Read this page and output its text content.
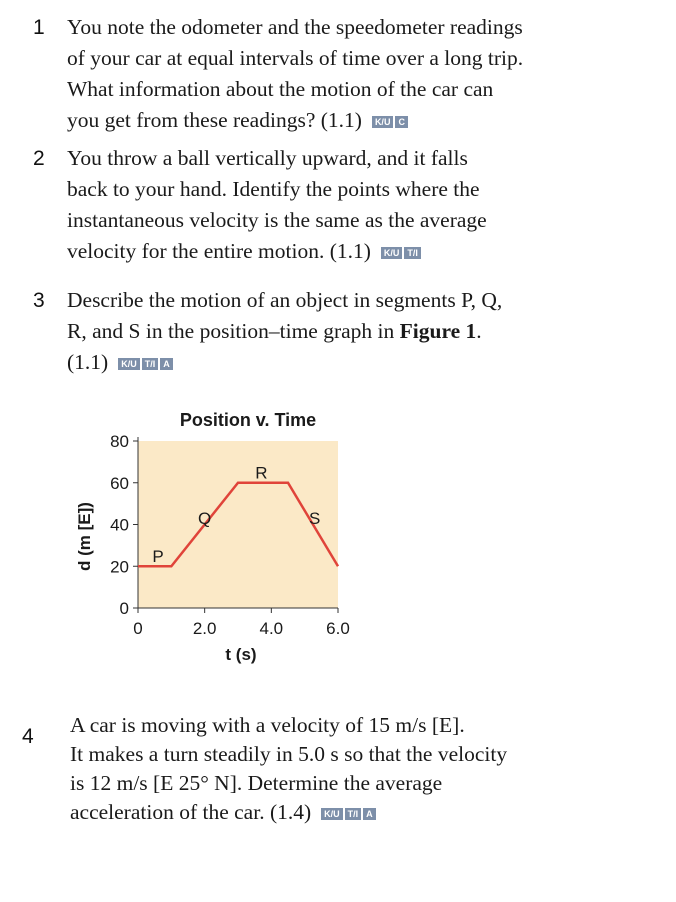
1 You note the odometer and the speedometer readings

of your car at equal intervals of time over a long trip.

What information about the motion of the car can

you get from these readings? (1.1) K/U C

2 You throw a ball vertically upward, and it falls

back to your hand. Identify the points where the

instantaneous velocity is the same as the average

velocity for the entire motion. (1.1) K/U T/I

3 Describe the motion of an object in segments P, Q,

R, and S in the position–time graph in Figure 1.

(1.1) K/U T/I A

Position v. Time
0
20
40
60
80
0	2.0	4.0	6.0
P
Q
R
S
t (s)
d (m [E])
4 A car is moving with a velocity of 15 m/s [E].

It makes a turn steadily in 5.0 s so that the velocity

is 12 m/s [E 25° N]. Determine the average

acceleration of the car. (1.4) K/U T/I A
